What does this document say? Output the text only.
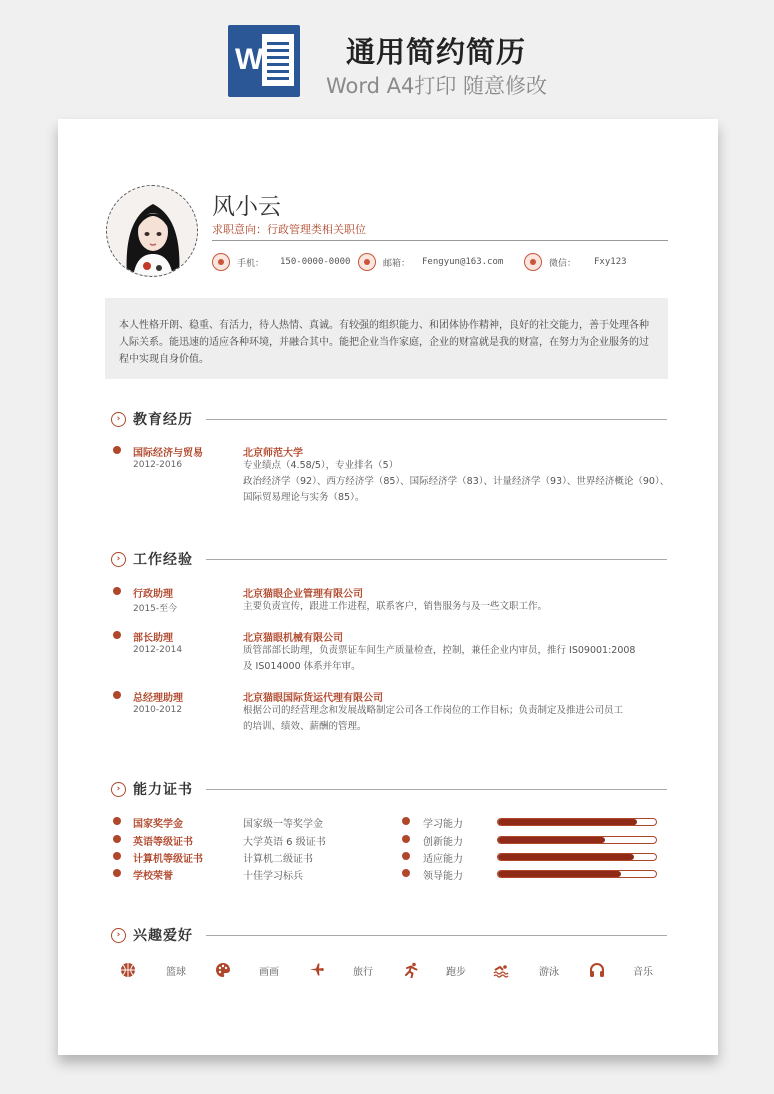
W	通用简约简历
Word A4打印 随意修改
风小云
求职意向：行政管理类相关职位
手机： 150-0000-0000	邮箱： Fengyun@163.com	微信： Fxy123
本人性格开朗、稳重、有活力，待人热情、真诚。有较强的组织能力、和团体协作精神，良好的社交能力，善于处理各种人际关系。能迅速的适应各种环境，并融合其中。能把企业当作家庭，企业的财富就是我的财富，在努力为企业服务的过程中实现自身价值。
› 教育经历
国际经济与贸易
2012-2016
北京师范大学
专业绩点（4.58/5），专业排名（5）
政治经济学（92）、西方经济学（85）、国际经济学（83）、计量经济学（93）、世界经济概论（90）、
国际贸易理论与实务（85）。
› 工作经验
行政助理
2015-至今
北京猫眼企业管理有限公司
主要负责宣传，跟进工作进程，联系客户，销售服务与及一些文职工作。
部长助理
2012-2014
北京猫眼机械有限公司
质管部部长助理，负责票证车间生产质量检查，控制，兼任企业内审员，推行 IS09001:2008
及 IS014000 体系并年审。
总经理助理
2010-2012
北京猫眼国际货运代理有限公司
根据公司的经营理念和发展战略制定公司各工作岗位的工作目标；负责制定及推进公司员工
的培训、绩效、薪酬的管理。
› 能力证书
国家奖学金	国家级一等奖学金
英语等级证书	大学英语 6 级证书
计算机等级证书	计算机二级证书
学校荣誉	十佳学习标兵
学习能力
创新能力
适应能力
领导能力
› 兴趣爱好
篮球	画画	旅行	跑步	游泳	音乐
